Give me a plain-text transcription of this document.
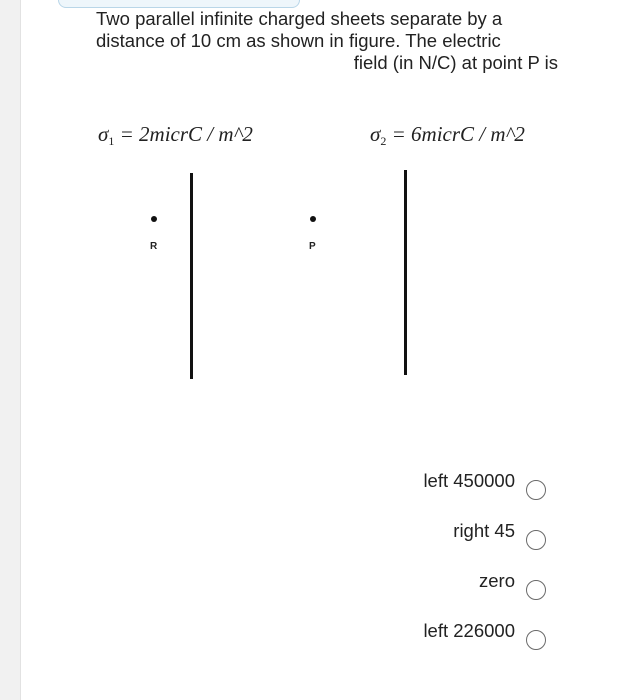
Two parallel infinite charged sheets separate by a
distance of 10 cm as shown in figure. The electric
field (in N/C) at point P is
$\sigma_1$ = 2micrC / m^2	$\sigma_2$ = 6micrC / m^2
R	P
left 450000
right 45
zero
left 226000
